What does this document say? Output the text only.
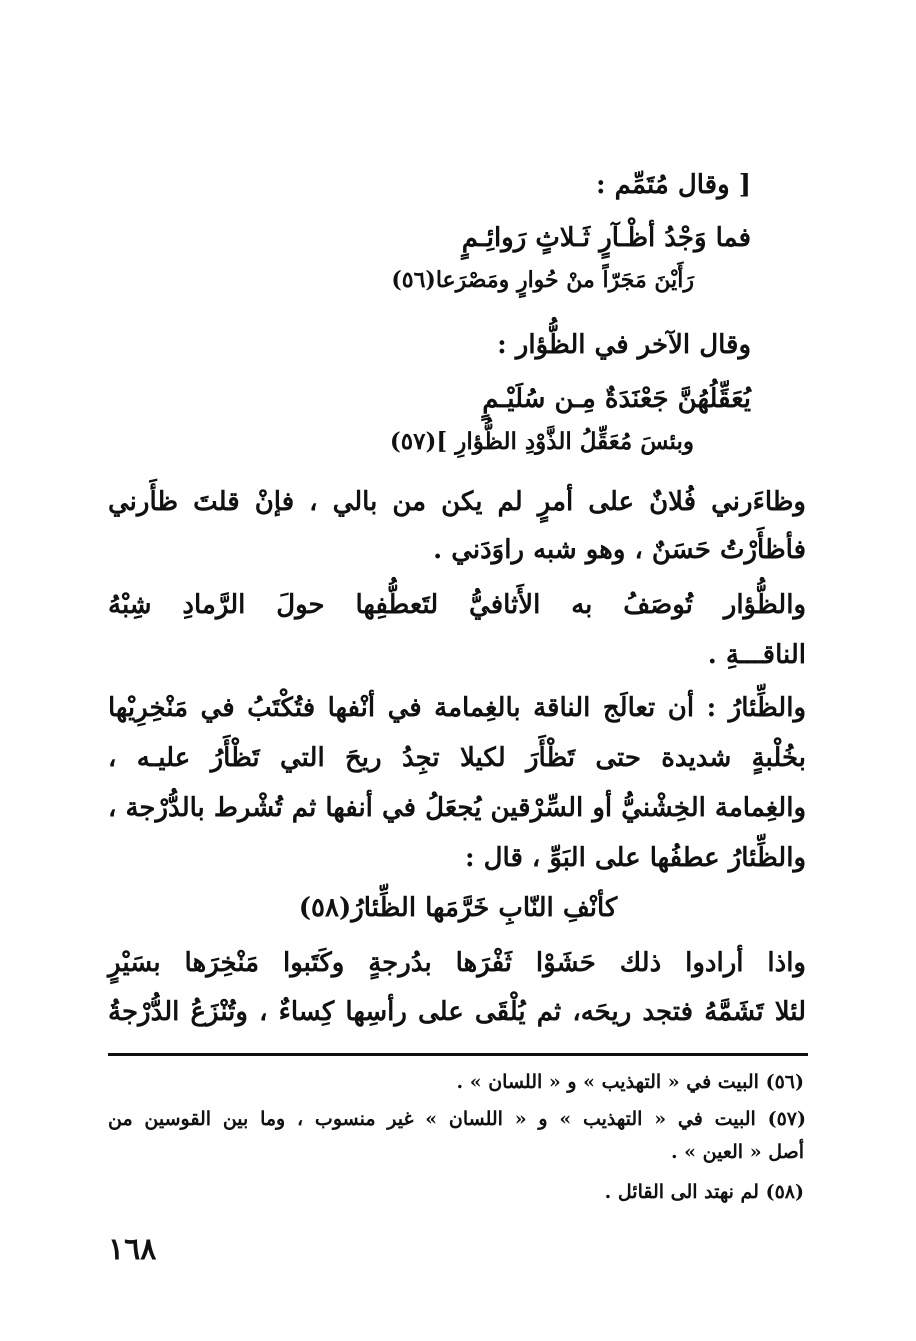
[ وقال مُتَمِّم :
فما وَجْدُ أظْـآرٍ ثَـلاثٍ رَوائِـمٍ
رَأَيْنَ مَجَرّاً منْ حُوارٍ ومَصْرَعا(٥٦)
وقال الآخر في الظُّؤار :
يُعَقِّلُهُنَّ جَعْنَدَةٌ مِـن سُلَيْـمٍ
وبئسَ مُعَقِّلُ الذَّوْدِ الظُّؤارِ ](٥٧)
وظاءَرني فُلانٌ على أمرٍ لم يكن من بالي ، فإنْ قلتَ ظأَرني
فأظأَرْتُ حَسَنٌ ، وهو شبه راوَدَني .
والظُّؤار تُوصَفُ به الأَثافيُّ لتَعطُّفِها حولَ الرَّمادِ شِبْهُ
الناقـــةِ .
والظِّئارُ : أن تعالَج الناقة بالغِمامة في أنْفها فتُكْتَبُ في مَنْخِرِيْها
بخُلْبةٍ شديدة حتى تَظْأَرَ لكيلا تجِدُ ريحَ التي تَظْأَرُ عليـه ،
والغِمامة الخِشْنيُّ أو السِّرْقين يُجعَلُ في أنفها ثم تُشْرط بالدُّرْجة ،
والظِّئارُ عطفُها على البَوِّ ، قال :
كأنْفِ النّابِ خَرَّمَها الظِّئارُ(٥٨)
واذا أرادوا ذلك حَشَوْا ثَفْرَها بدُرجةٍ وكَتَبوا مَنْخِرَها بسَيْرٍ
لئلا تَشَمَّهُ فتجد ريحَه، ثم يُلْقَى على رأسِها كِساءٌ ، وتُنْزَعُ الدُّرْجةُ
(٥٦) البيت في « التهذيب » و « اللسان » .
(٥٧) البيت في « التهذيب » و « اللسان » غير منسوب ، وما بين القوسين من
أصل « العين » .
(٥٨) لم نهتد الى القائل .
١٦٨
